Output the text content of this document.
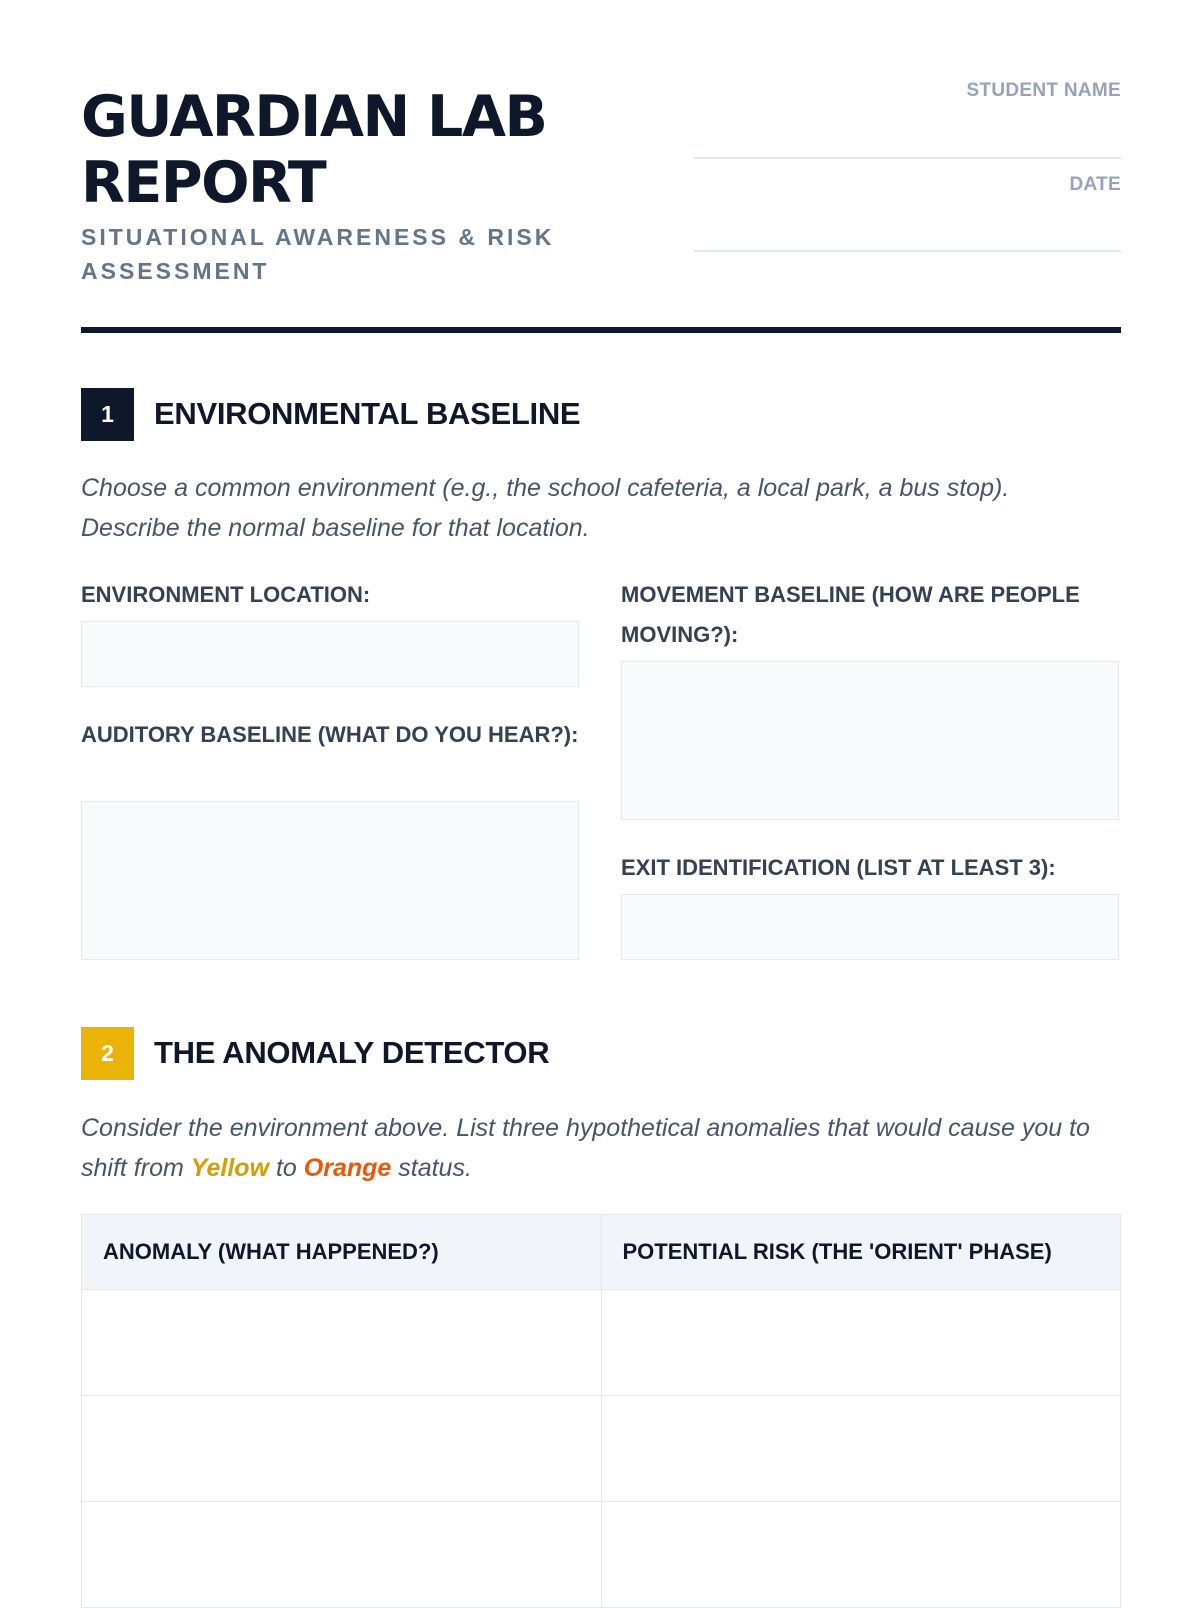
GUARDIAN LAB REPORT

SITUATIONAL AWARENESS & RISK ASSESSMENT

STUDENT NAME
DATE
1	ENVIRONMENTAL BASELINE

Choose a common environment (e.g., the school cafeteria, a local park, a bus stop). Describe the normal baseline for that location.

ENVIRONMENT LOCATION:	MOVEMENT BASELINE (HOW ARE PEOPLE MOVING?):
AUDITORY BASELINE (WHAT DO YOU HEAR?):
EXIT IDENTIFICATION (LIST AT LEAST 3):
2	THE ANOMALY DETECTOR

Consider the environment above. List three hypothetical anomalies that would cause you to shift from Yellow to Orange status.

ANOMALY (WHAT HAPPENED?)	POTENTIAL RISK (THE 'ORIENT' PHASE)
